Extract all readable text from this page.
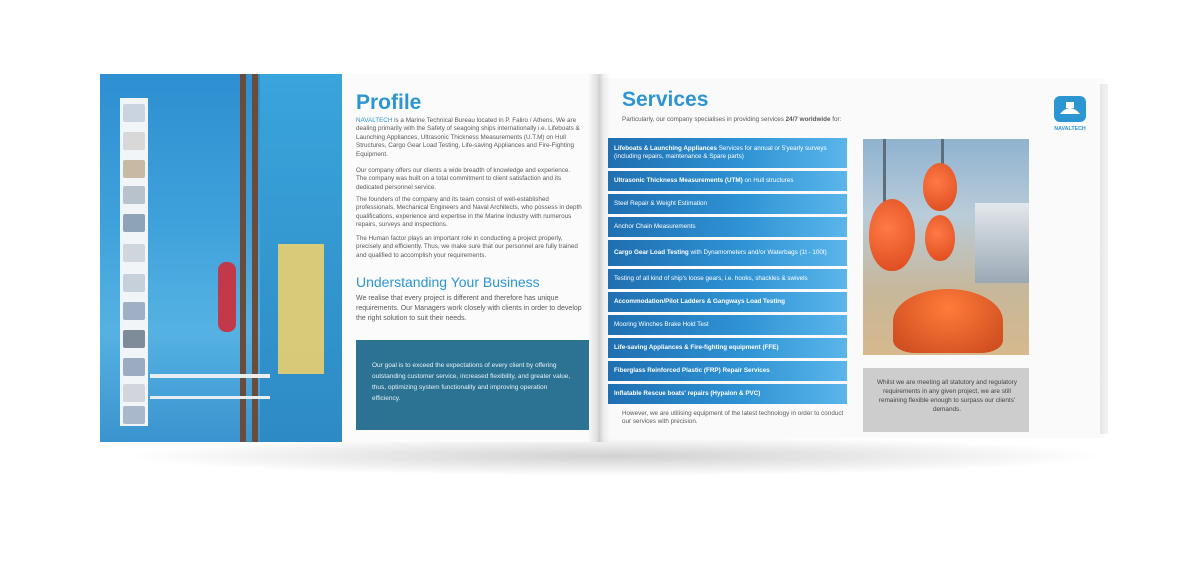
Profile

NAVALTECH is a Marine Technical Bureau located in P. Faliro / Athens. We are dealing primarily with the Safety of seagoing ships internationally i.e. Lifeboats & Launching Appliances, Ultrasonic Thickness Measurements (U.T.M) on Hull Structures, Cargo Gear Load Testing, Life-saving Appliances and Fire-Fighting Equipment.

Our company offers our clients a wide breadth of knowledge and experience. The company was built on a total commitment to client satisfaction and its dedicated personnel service.

The founders of the company and its team consist of well-established professionals, Mechanical Engineers and Naval Architects, who possess in depth qualifications, experience and expertise in the Marine Industry with numerous repairs, surveys and inspections.

The Human factor plays an important role in conducting a project properly, precisely and efficiently. Thus, we make sure that our personnel are fully trained and qualified to accomplish your requirements.

Understanding Your Business

We realise that every project is different and therefore has unique requirements. Our Managers work closely with clients in order to develop the right solution to suit their needs.

Our goal is to exceed the expectations of every client by offering outstanding customer service, increased flexibility, and greater value, thus, optimizing system functionality and improving operation efficiency.

Services

Particularly, our company specialises in providing services 24/7 worldwide for:

Lifeboats & Launching Appliances Services for annual or 5'yearly surveys (including repairs, maintenance & Spare parts)
Ultrasonic Thickness Measurements (UTM) on Hull structures
Steel Repair & Weight Estimation
Anchor Chain Measurements
Cargo Gear Load Testing with Dynamometers and/or Waterbags (1t - 100t)
Testing of all kind of ship's loose gears, i.e. hooks, shackles & swivels
Accommodation/Pilot Ladders & Gangways Load Testing
Mooring Winches Brake Hold Test
Life-saving Appliances & Fire-fighting equipment (FFE)
Fiberglass Reinforced Plastic (FRP) Repair Services
Inflatable Rescue boats' repairs (Hypalon & PVC)

However, we are utilising equipment of the latest technology in order to conduct our services with precision.

Whilst we are meeting all statutory and regulatory requirements in any given project, we are still remaining flexible enough to surpass our clients' demands.

NAVALTECH
